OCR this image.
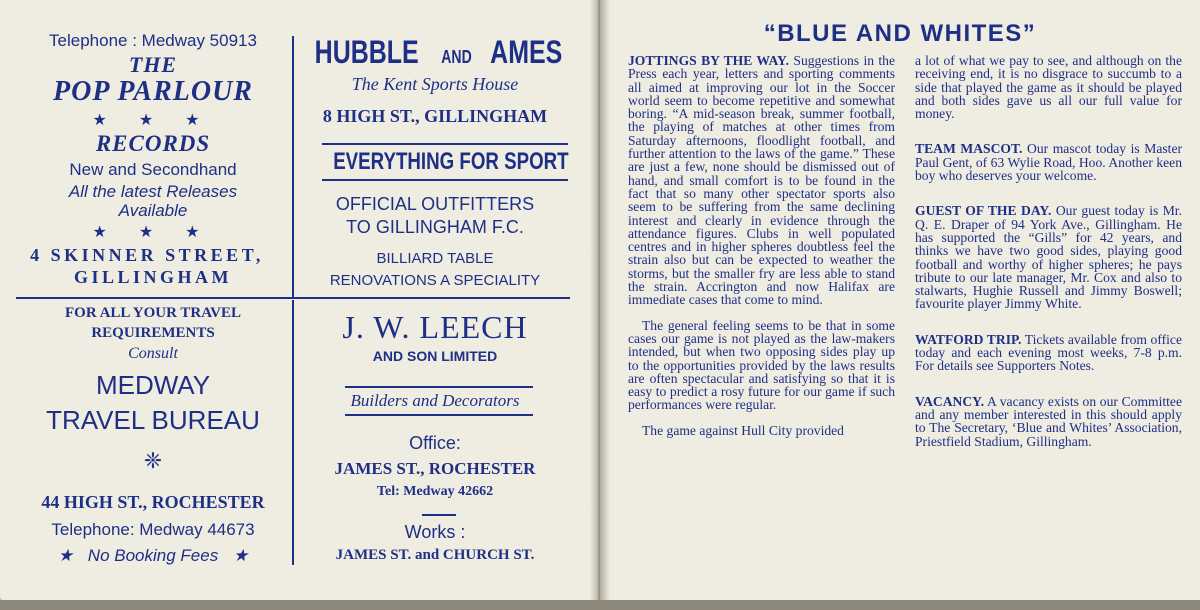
Telephone : Medway 50913
THE
POP PARLOUR
★ ★ ★
RECORDS
New and Secondhand
All the latest Releases
Available
★ ★ ★
4 SKINNER STREET,
GILLINGHAM
HUBBLE AND AMES
The Kent Sports House
8 HIGH ST., GILLINGHAM
EVERYTHING FOR SPORT
OFFICIAL OUTFITTERS
TO GILLINGHAM F.C.
BILLIARD TABLE
RENOVATIONS A SPECIALITY
FOR ALL YOUR TRAVEL
REQUIREMENTS
Consult
MEDWAY
TRAVEL BUREAU
❈
44 HIGH ST., ROCHESTER
Telephone: Medway 44673
★ No Booking Fees ★
J. W. LEECH
AND SON LIMITED
Builders and Decorators
Office:
JAMES ST., ROCHESTER
Tel: Medway 42662
Works :
JAMES ST. and CHURCH ST.
“BLUE AND WHITES”

JOTTINGS BY THE WAY. Suggestions in the Press each year, letters and sporting comments all aimed at improving our lot in the Soccer world seem to become repetitive and somewhat boring. “A mid-season break, summer football, the playing of matches at other times from Saturday afternoons, floodlight football, and further attention to the laws of the game.” These are just a few, none should be dismissed out of hand, and small comfort is to be found in the fact that so many other spectator sports also seem to be suffering from the same declining interest and clearly in evidence through the attendance figures. Clubs in well populated centres and in higher spheres doubtless feel the strain also but can be expected to weather the storms, but the smaller fry are less able to stand the strain. Accrington and now Halifax are immediate cases that come to mind.

The general feeling seems to be that in some cases our game is not played as the law-makers intended, but when two opposing sides play up to the opportunities provided by the laws results are often spectacular and satisfying so that it is easy to predict a rosy future for our game if such performances were regular.

The game against Hull City provided

a lot of what we pay to see, and although on the receiving end, it is no disgrace to succumb to a side that played the game as it should be played and both sides gave us all our full value for money.

TEAM MASCOT. Our mascot today is Master Paul Gent, of 63 Wylie Road, Hoo. Another keen boy who deserves your welcome.

GUEST OF THE DAY. Our guest today is Mr. Q. E. Draper of 94 York Ave., Gillingham. He has supported the “Gills” for 42 years, and thinks we have two good sides, playing good football and worthy of higher spheres; he pays tribute to our late manager, Mr. Cox and also to stalwarts, Hughie Russell and Jimmy Boswell; favourite player Jimmy White.

WATFORD TRIP. Tickets available from office today and each evening most weeks, 7-8 p.m. For details see Supporters Notes.

VACANCY. A vacancy exists on our Committee and any member interested in this should apply to The Secretary, ‘Blue and Whites’ Association, Priestfield Stadium, Gillingham.
